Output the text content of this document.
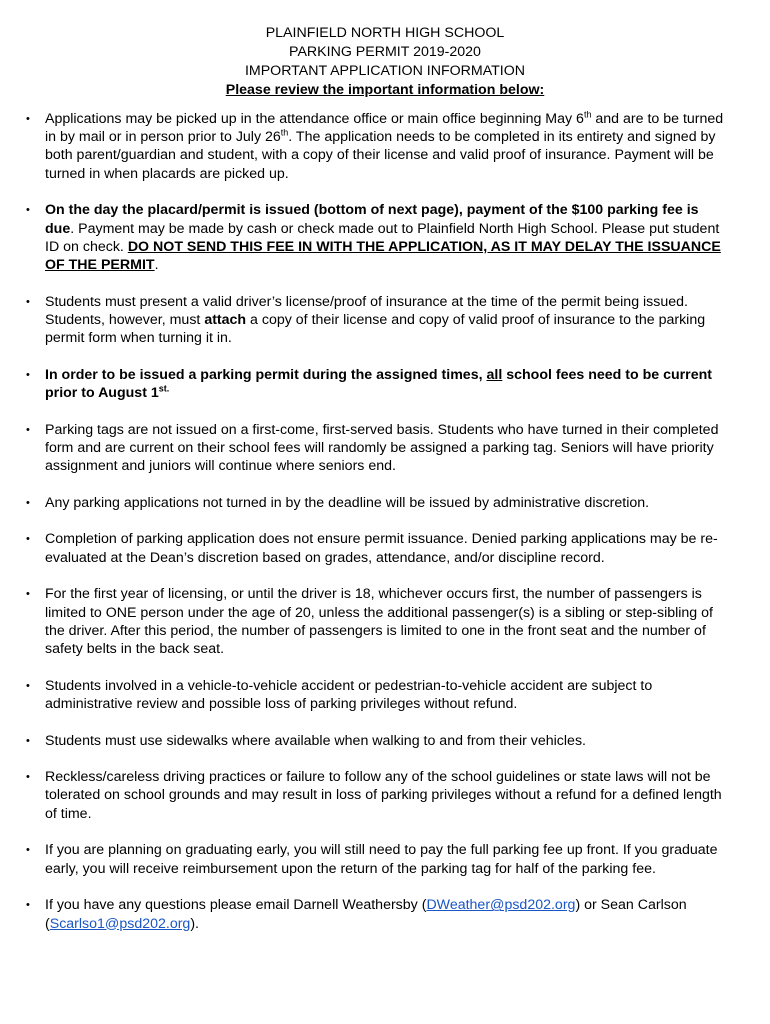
PLAINFIELD NORTH HIGH SCHOOL
PARKING PERMIT 2019-2020
IMPORTANT APPLICATION INFORMATION
Please review the important information below:
• Applications may be picked up in the attendance office or main office beginning May 6th and are to be turned in by mail or in person prior to July 26th. The application needs to be completed in its entirety and signed by both parent/guardian and student, with a copy of their license and valid proof of insurance. Payment will be turned in when placards are picked up.
• On the day the placard/permit is issued (bottom of next page), payment of the $100 parking fee is due. Payment may be made by cash or check made out to Plainfield North High School. Please put student ID on check. DO NOT SEND THIS FEE IN WITH THE APPLICATION, AS IT MAY DELAY THE ISSUANCE OF THE PERMIT.
• Students must present a valid driver’s license/proof of insurance at the time of the permit being issued. Students, however, must attach a copy of their license and copy of valid proof of insurance to the parking permit form when turning it in.
• In order to be issued a parking permit during the assigned times, all school fees need to be current prior to August $1^{st.}$
• Parking tags are not issued on a first-come, first-served basis. Students who have turned in their completed form and are current on their school fees will randomly be assigned a parking tag. Seniors will have priority assignment and juniors will continue where seniors end.
• Any parking applications not turned in by the deadline will be issued by administrative discretion.
• Completion of parking application does not ensure permit issuance. Denied parking applications may be re-evaluated at the Dean’s discretion based on grades, attendance, and/or discipline record.
• For the first year of licensing, or until the driver is 18, whichever occurs first, the number of passengers is limited to ONE person under the age of 20, unless the additional passenger(s) is a sibling or step-sibling of the driver. After this period, the number of passengers is limited to one in the front seat and the number of safety belts in the back seat.
• Students involved in a vehicle-to-vehicle accident or pedestrian-to-vehicle accident are subject to administrative review and possible loss of parking privileges without refund.
• Students must use sidewalks where available when walking to and from their vehicles.
• Reckless/careless driving practices or failure to follow any of the school guidelines or state laws will not be tolerated on school grounds and may result in loss of parking privileges without a refund for a defined length of time.
• If you are planning on graduating early, you will still need to pay the full parking fee up front. If you graduate early, you will receive reimbursement upon the return of the parking tag for half of the parking fee.
• If you have any questions please email Darnell Weathersby (DWeather@psd202.org) or Sean Carlson (Scarlso1@psd202.org).
